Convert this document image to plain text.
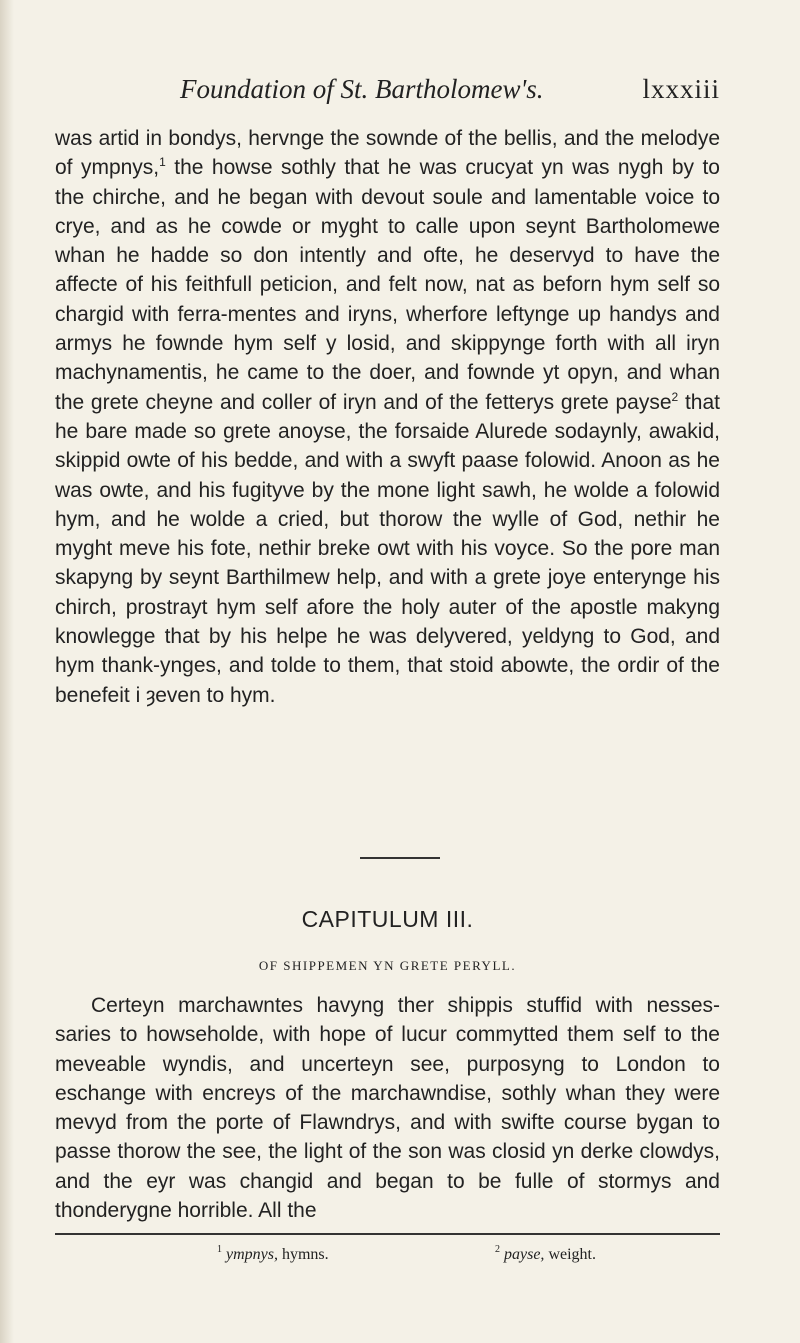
Foundation of St. Bartholomew's.	lxxxiii

was artid in bondys, hervnge the sownde of the bellis, and the melodye of ympnys,$^1$ the howse sothly that he was crucyat yn was nygh by to the chirche, and he began with devout soule and lamentable voice to crye, and as he cowde or myght to calle upon seynt Bartholomewe whan he hadde so don intently and ofte, he deservyd to have the affecte of his feithfull peticion, and felt now, nat as beforn hym self so chargid with ferra-mentes and iryns, wherfore leftynge up handys and armys he fownde hym self y losid, and skippynge forth with all iryn machynamentis, he came to the doer, and fownde yt opyn, and whan the grete cheyne and coller of iryn and of the fetterys grete payse$^2$ that he bare made so grete anoyse, the forsaide Alurede sodaynly, awakid, skippid owte of his bedde, and with a swyft paase folowid. Anoon as he was owte, and his fugityve by the mone light sawh, he wolde a folowid hym, and he wolde a cried, but thorow the wylle of God, nethir he myght meve his fote, nethir breke owt with his voyce. So the pore man skapyng by seynt Barthilmew help, and with a grete joye enterynge his chirch, prostrayt hym self afore the holy auter of the apostle makyng knowlegge that by his helpe he was delyvered, yeldyng to God, and hym thank-ynges, and tolde to them, that stoid abowte, the ordir of the benefeit i ȝeven to hym.

CAPITULUM III.
OF SHIPPEMEN YN GRETE PERYLL.

Certeyn marchawntes havyng ther shippis stuffid with nesses-saries to howseholde, with hope of lucur commytted them self to the meveable wyndis, and uncerteyn see, purposyng to London to eschange with encreys of the marchawndise, sothly whan they were mevyd from the porte of Flawndrys, and with swifte course bygan to passe thorow the see, the light of the son was closid yn derke clowdys, and the eyr was changid and began to be fulle of stormys and thonderygne horrible. All the

$^1$ ympnys, hymns.	$^2$ payse, weight.
